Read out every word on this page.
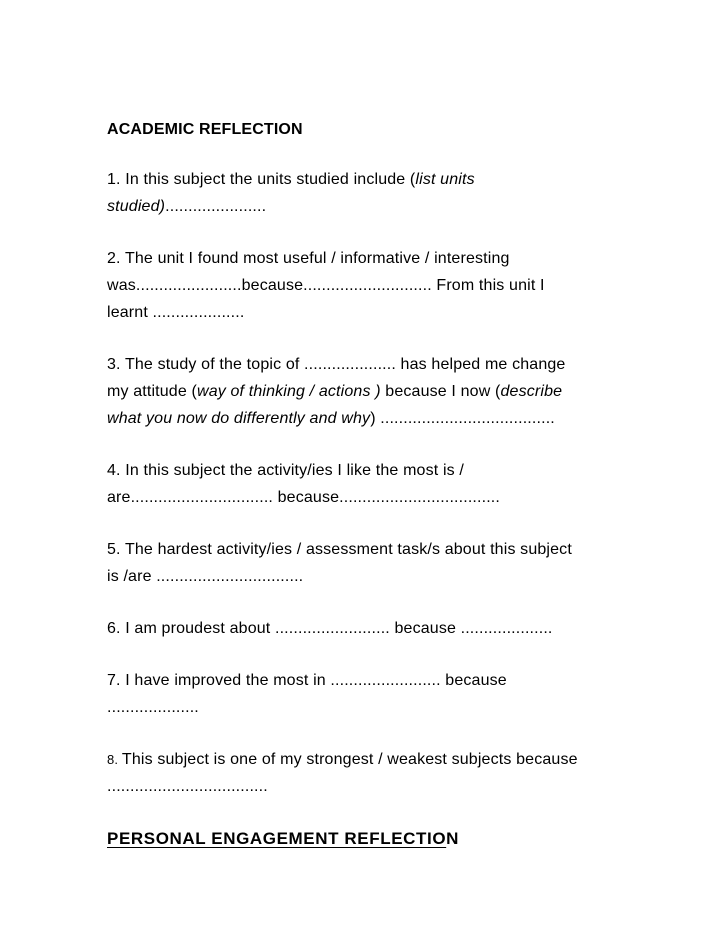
ACADEMIC REFLECTION

1. In this subject the units studied include (list units
studied)......................
2. The unit I found most useful / informative / interesting
was.......................because............................ From this unit I
learnt ....................
3. The study of the topic of .................... has helped me change
my attitude (way of thinking / actions ) because I now (describe
what you now do differently and why) ......................................
4. In this subject the activity/ies I like the most is /
are............................... because...................................
5. The hardest activity/ies / assessment task/s about this subject
is /are ................................
6. I am proudest about ......................... because ....................
7. I have improved the most in ........................ because
....................
8. This subject is one of my strongest / weakest subjects because
...................................

PERSONAL ENGAGEMENT REFLECTION
